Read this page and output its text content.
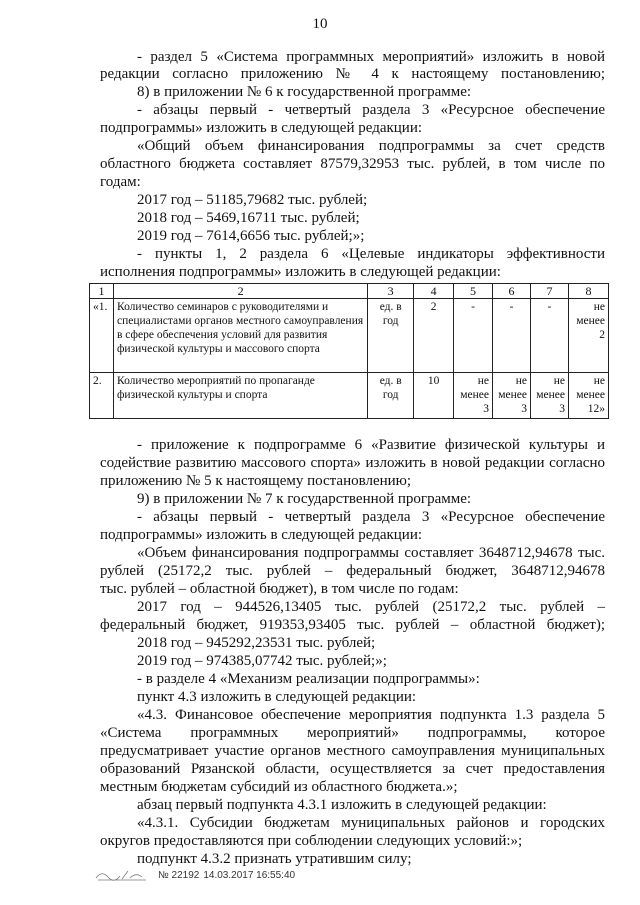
10
- раздел 5 «Система программных мероприятий» изложить в новой
редакции согласно приложению № 4 к настоящему постановлению;
8) в приложении № 6 к государственной программе:
- абзацы первый - четвертый раздела 3 «Ресурсное обеспечение
подпрограммы» изложить в следующей редакции:
«Общий объем финансирования подпрограммы за счет средств
областного бюджета составляет 87579,32953 тыс. рублей, в том числе по
годам:
2017 год – 51185,79682 тыс. рублей;
2018 год – 5469,16711 тыс. рублей;
2019 год – 7614,6656 тыс. рублей;»;
- пункты 1, 2 раздела 6 «Целевые индикаторы эффективности
исполнения подпрограммы» изложить в следующей редакции:
1	2	3	4	5	6	7	8
«1.	Количество семинаров с руководителями и специалистами органов местного самоуправления в сфере обеспечения условий для развития физической культуры и массового спорта	ед. в год	2	-	-	-	не менее 2
2.	Количество мероприятий по пропаганде физической культуры и спорта	ед. в год	10	не менее 3	не менее 3	не менее 3	не менее 12»
- приложение к подпрограмме 6 «Развитие физической культуры и
содействие развитию массового спорта» изложить в новой редакции согласно
приложению № 5 к настоящему постановлению;
9) в приложении № 7 к государственной программе:
- абзацы первый - четвертый раздела 3 «Ресурсное обеспечение
подпрограммы» изложить в следующей редакции:
«Объем финансирования подпрограммы составляет 3648712,94678 тыс.
рублей (25172,2 тыс. рублей – федеральный бюджет, 3648712,94678
тыс. рублей – областной бюджет), в том числе по годам:
2017 год – 944526,13405 тыс. рублей (25172,2 тыс. рублей –
федеральный бюджет, 919353,93405 тыс. рублей – областной бюджет);
2018 год – 945292,23531 тыс. рублей;
2019 год – 974385,07742 тыс. рублей;»;
- в разделе 4 «Механизм реализации подпрограммы»:
пункт 4.3 изложить в следующей редакции:
«4.3. Финансовое обеспечение мероприятия подпункта 1.3 раздела 5
«Система программных мероприятий» подпрограммы, которое
предусматривает участие органов местного самоуправления муниципальных
образований Рязанской области, осуществляется за счет предоставления
местным бюджетам субсидий из областного бюджета.»;
абзац первый подпункта 4.3.1 изложить в следующей редакции:
«4.3.1. Субсидии бюджетам муниципальных районов и городских
округов предоставляются при соблюдении следующих условий:»;
подпункт 4.3.2 признать утратившим силу;
№ 22192 14.03.2017 16:55:40
